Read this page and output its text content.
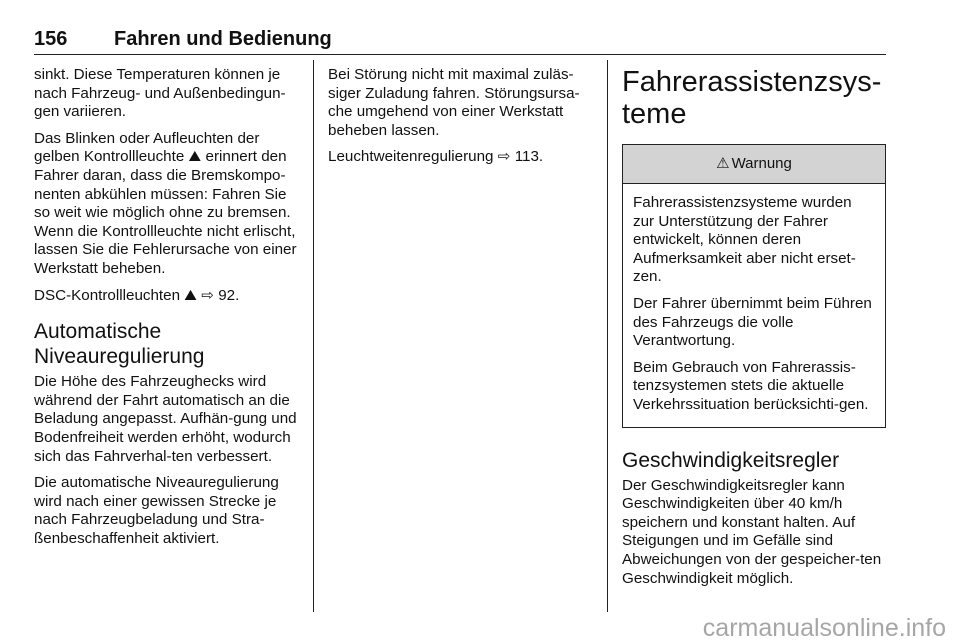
156 Fahren und Bedienung

sinkt. Diese Temperaturen können je nach Fahrzeug- und Außenbedingun-gen variieren.

Das Blinken oder Aufleuchten der gelben Kontrollleuchte ⛰ erinnert den Fahrer daran, dass die Bremskompo-nenten abkühlen müssen: Fahren Sie so weit wie möglich ohne zu bremsen. Wenn die Kontrollleuchte nicht erlischt, lassen Sie die Fehlerursache von einer Werkstatt beheben.

DSC-Kontrollleuchten ⛰ ⇨ 92.

Automatische Niveauregulierung

Die Höhe des Fahrzeughecks wird während der Fahrt automatisch an die Beladung angepasst. Aufhän-gung und Bodenfreiheit werden erhöht, wodurch sich das Fahrverhal-ten verbessert.

Die automatische Niveauregulierung wird nach einer gewissen Strecke je nach Fahrzeugbeladung und Stra-ßenbeschaffenheit aktiviert.

Bei Störung nicht mit maximal zuläs-siger Zuladung fahren. Störungsursa-che umgehend von einer Werkstatt beheben lassen.

Leuchtweitenregulierung ⇨ 113.

Fahrerassistenzsys-teme
⚠ Warnung

Fahrerassistenzsysteme wurden zur Unterstützung der Fahrer entwickelt, können deren Aufmerksamkeit aber nicht erset-zen.

Der Fahrer übernimmt beim Führen des Fahrzeugs die volle Verantwortung.

Beim Gebrauch von Fahrerassis-tenzsystemen stets die aktuelle Verkehrssituation berücksichti-gen.

Geschwindigkeitsregler

Der Geschwindigkeitsregler kann Geschwindigkeiten über 40 km/h speichern und konstant halten. Auf Steigungen und im Gefälle sind Abweichungen von der gespeicher-ten Geschwindigkeit möglich.

carmanualsonline.info
